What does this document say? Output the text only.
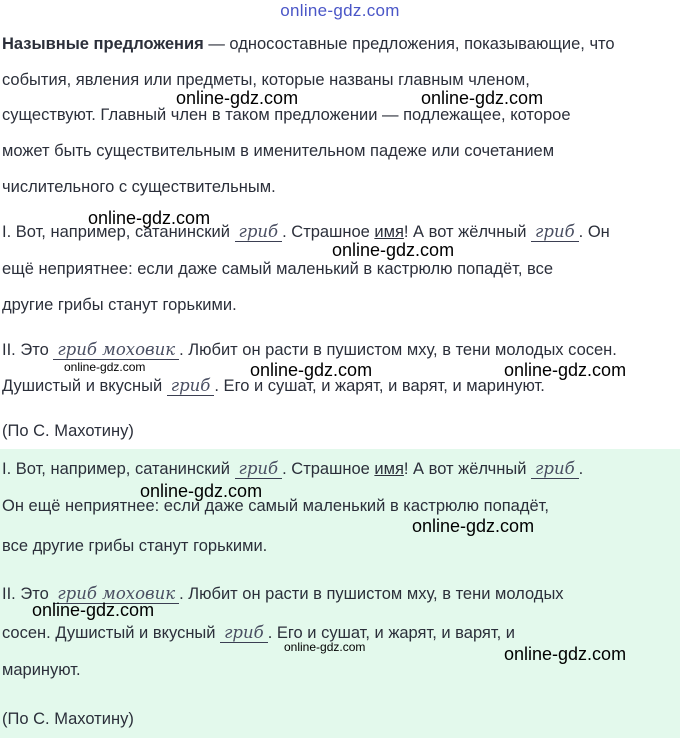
online-gdz.com
Назывные предложения — односоставные предложения, показывающие, что
события, явления или предметы, которые названы главным членом,
существуют. Главный член в таком предложении — подлежащее, которое
может быть существительным в именительном падеже или сочетанием
числительного с существительным.
I. Вот, например, сатанинский гриб . Страшное имя! А вот жёлчный гриб . Он
ещё неприятнее: если даже самый маленький в кастрюлю попадёт, все
другие грибы станут горькими.
II. Это гриб моховик . Любит он расти в пушистом мху, в тени молодых сосен.
Душистый и вкусный гриб . Его и сушат, и жарят, и варят, и маринуют.
(По С. Махотину)
I. Вот, например, сатанинский гриб . Страшное имя! А вот жёлчный гриб .
Он ещё неприятнее: если даже самый маленький в кастрюлю попадёт,
все другие грибы станут горькими.
II. Это гриб моховик . Любит он расти в пушистом мху, в тени молодых
сосен. Душистый и вкусный гриб . Его и сушат, и жарят, и варят, и
маринуют.
(По С. Махотину)
online-gdz.com	online-gdz.com
online-gdz.com
online-gdz.com
online-gdz.com	online-gdz.com	online-gdz.com
online-gdz.com
online-gdz.com
online-gdz.com
online-gdz.com	online-gdz.com
